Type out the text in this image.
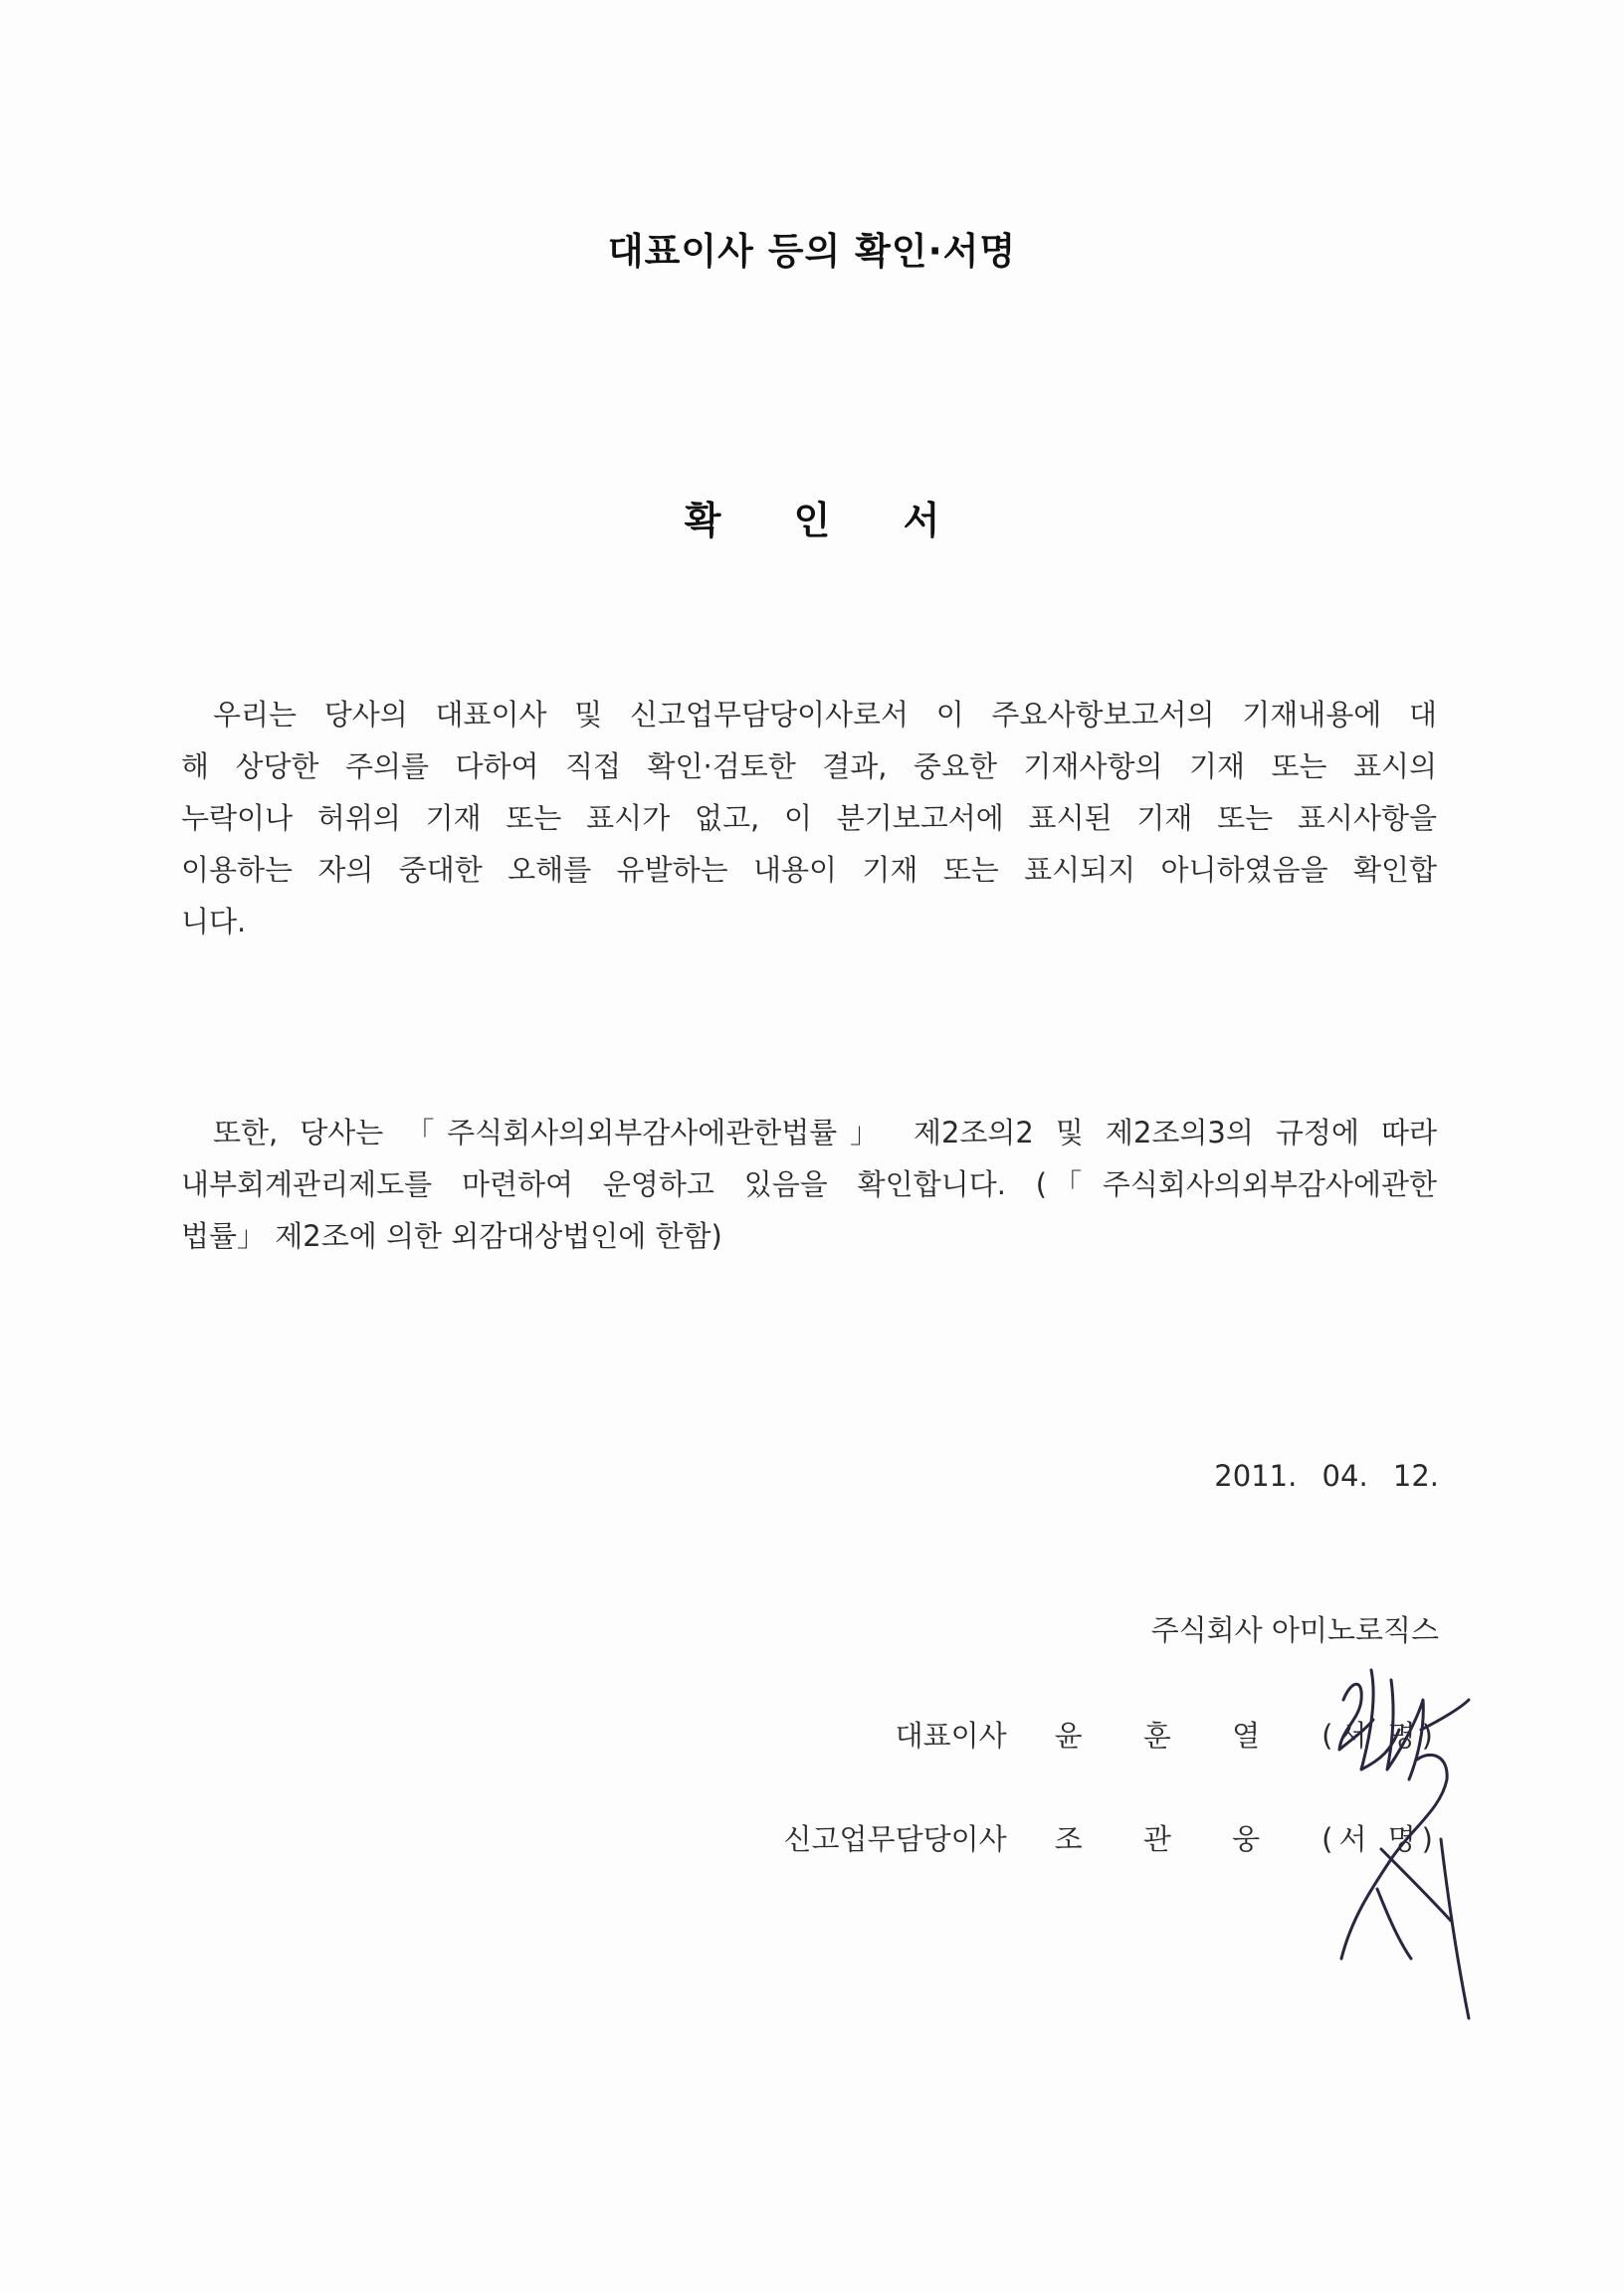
대표이사 등의 확인·서명
확 인 서
우리는 당사의 대표이사 및 신고업무담당이사로서 이 주요사항보고서의 기재내용에 대
해 상당한 주의를 다하여 직접 확인·검토한 결과, 중요한 기재사항의 기재 또는 표시의
누락이나 허위의 기재 또는 표시가 없고, 이 분기보고서에 표시된 기재 또는 표시사항을
이용하는 자의 중대한 오해를 유발하는 내용이 기재 또는 표시되지 아니하였음을 확인합
니다.
또한, 당사는 「주식회사의외부감사에관한법률」 제2조의2 및 제2조의3의 규정에 따라
내부회계관리제도를 마련하여 운영하고 있음을 확인합니다. (「주식회사의외부감사에관한
법률」 제2조에 의한 외감대상법인에 한함)
2011. 04. 12.
주식회사 아미노로직스
대표이사 윤 훈 열 (서 명)
신고업무담당이사 조 관 웅 (서 명)
